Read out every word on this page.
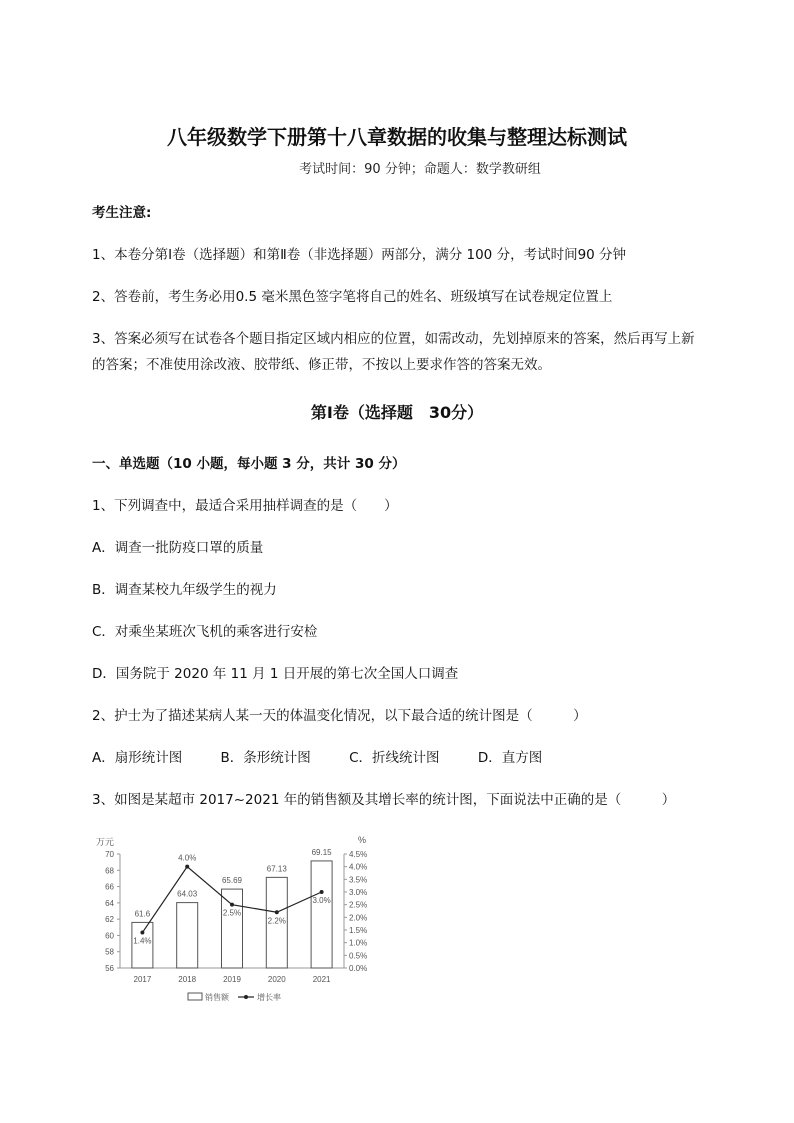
八年级数学下册第十八章数据的收集与整理达标测试
考试时间：90 分钟；命题人：数学教研组
考生注意:
1、本卷分第Ⅰ卷（选择题）和第Ⅱ卷（非选择题）两部分，满分 100 分，考试时间90 分钟
2、答卷前，考生务必用0.5 毫米黑色签字笔将自己的姓名、班级填写在试卷规定位置上
3、答案必须写在试卷各个题目指定区域内相应的位置，如需改动，先划掉原来的答案，然后再写上新
的答案；不准使用涂改液、胶带纸、修正带，不按以上要求作答的答案无效。
第Ⅰ卷（选择题　30分）
一、单选题（10 小题，每小题 3 分，共计 30 分）
1、下列调查中，最适合采用抽样调查的是（　　）
A．调查一批防疫口罩的质量
B．调查某校九年级学生的视力
C．对乘坐某班次飞机的乘客进行安检
D．国务院于 2020 年 11 月 1 日开展的第七次全国人口调查
2、护士为了描述某病人某一天的体温变化情况，以下最合适的统计图是（　　　）
A．扇形统计图	B．条形统计图	C．折线统计图	D．直方图
3、如图是某超市 2017~2021 年的销售额及其增长率的统计图，下面说法中正确的是（　　　）
万元	%
56
58
60
62
64
66
68
70
0.0%
0.5%
1.0%
1.5%
2.0%
2.5%
3.0%
3.5%
4.0%
4.5%
2017	2018	2019	2020	2021
61.6
64.03
65.69
67.13
69.15
1.4%
4.0%
2.5%
2.2%
3.0%
销售额	增长率
